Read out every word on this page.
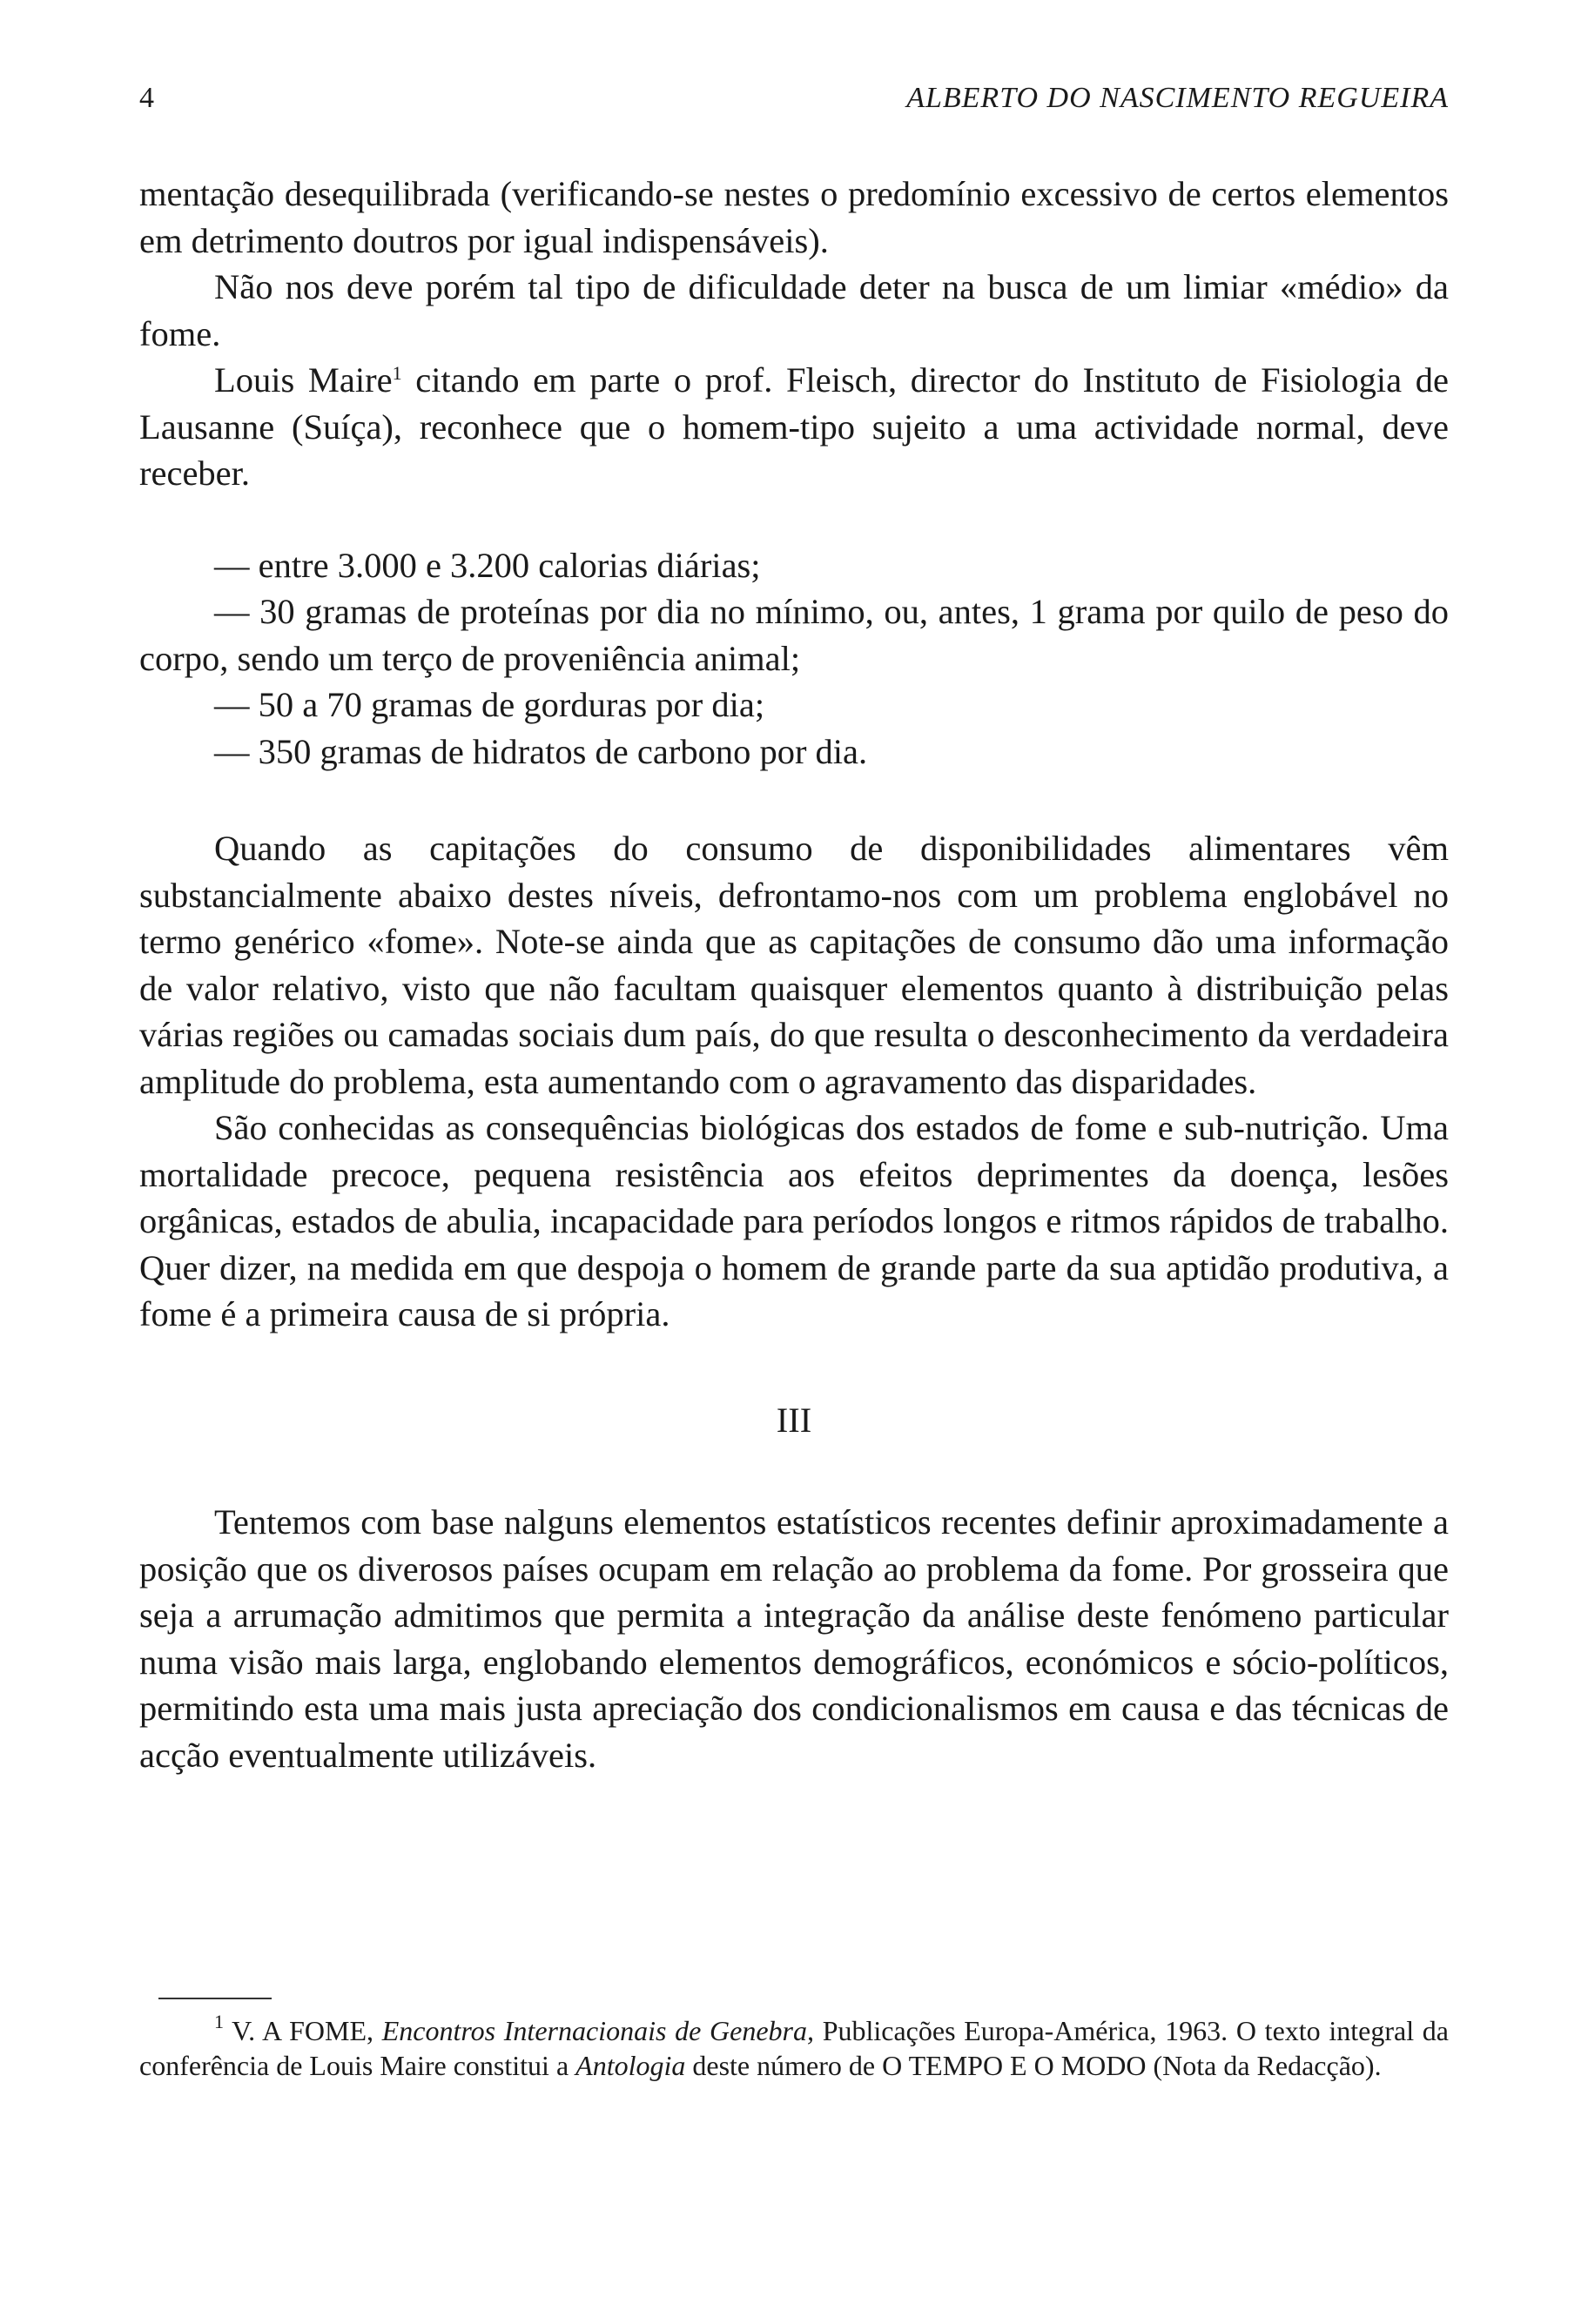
4	ALBERTO DO NASCIMENTO REGUEIRA

mentação desequilibrada (verificando-se nestes o predomínio excessivo de certos elementos em detrimento doutros por igual indispensáveis).

Não nos deve porém tal tipo de dificuldade deter na busca de um limiar «médio» da fome.

Louis Maire$^1$ citando em parte o prof. Fleisch, director do Instituto de Fisiologia de Lausanne (Suíça), reconhece que o homem-tipo sujeito a uma actividade normal, deve receber.

— entre 3.000 e 3.200 calorias diárias;

— 30 gramas de proteínas por dia no mínimo, ou, antes, 1 grama por quilo de peso do corpo, sendo um terço de proveniência animal;

— 50 a 70 gramas de gorduras por dia;

— 350 gramas de hidratos de carbono por dia.

Quando as capitações do consumo de disponibilidades alimentares vêm substancialmente abaixo destes níveis, defrontamo-nos com um problema englobável no termo genérico «fome». Note-se ainda que as capitações de consumo dão uma informação de valor relativo, visto que não facultam quaisquer elementos quanto à distribuição pelas várias regiões ou camadas sociais dum país, do que resulta o desconhecimento da verdadeira amplitude do problema, esta aumentando com o agravamento das disparidades.

São conhecidas as consequências biológicas dos estados de fome e sub-nutrição. Uma mortalidade precoce, pequena resistência aos efeitos deprimentes da doença, lesões orgânicas, estados de abulia, incapacidade para períodos longos e ritmos rápidos de trabalho. Quer dizer, na medida em que despoja o homem de grande parte da sua aptidão produtiva, a fome é a primeira causa de si própria.

III

Tentemos com base nalguns elementos estatísticos recentes definir aproximadamente a posição que os diverosos países ocupam em relação ao problema da fome. Por grosseira que seja a arrumação admitimos que permita a integração da análise deste fenómeno particular numa visão mais larga, englobando elementos demográficos, económicos e sócio-políticos, permitindo esta uma mais justa apreciação dos condicionalismos em causa e das técnicas de acção eventualmente utilizáveis.

$^1$ V. A FOME, Encontros Internacionais de Genebra, Publicações Europa-América, 1963. O texto integral da conferência de Louis Maire constitui a Antologia deste número de O TEMPO E O MODO (Nota da Redacção).
